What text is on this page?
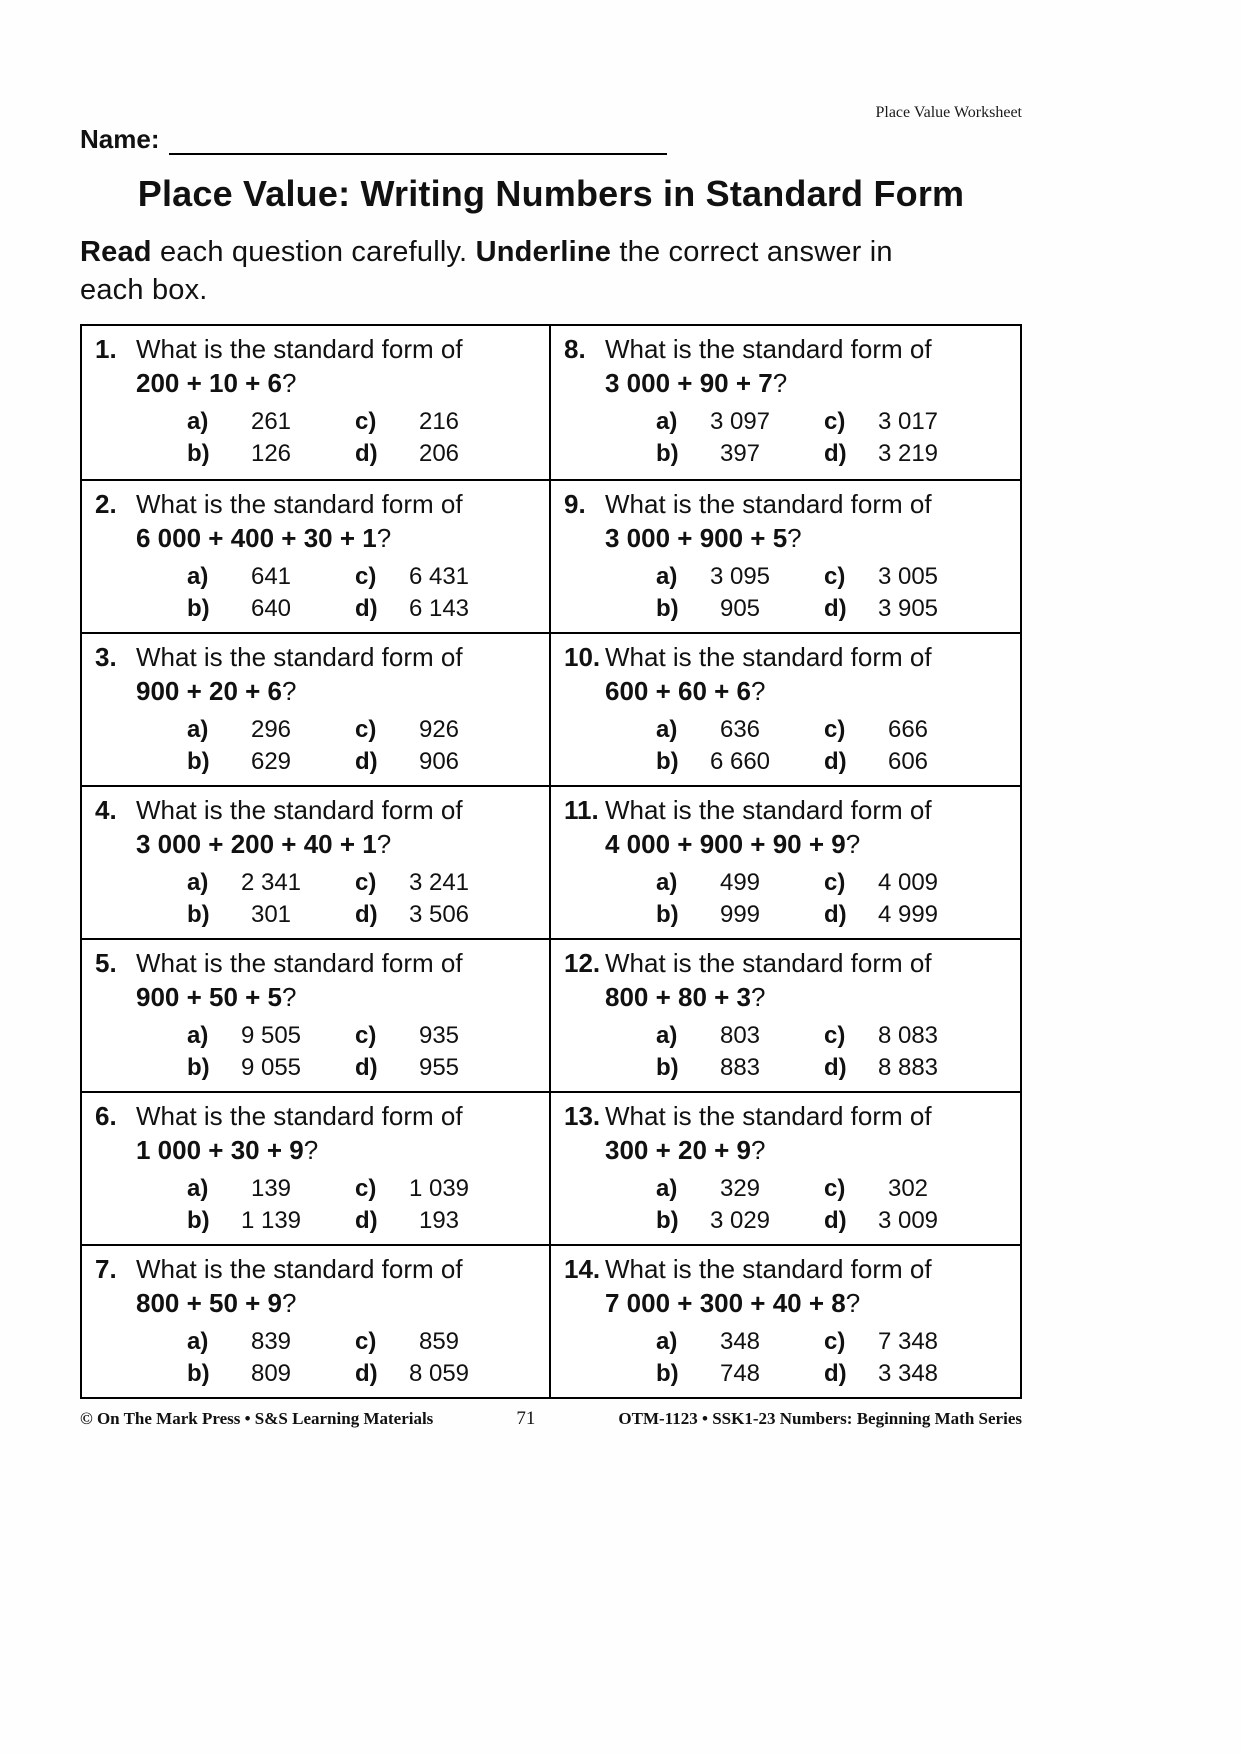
Place Value Worksheet
Name:
Place Value: Writing Numbers in Standard Form

Read each question carefully. Underline the correct answer in
each box.

1. What is the standard form of
200 + 10 + 6?
a)	261	c)	216
b)	126	d)	206
8. What is the standard form of
3 000 + 90 + 7?
a)	3 097	c)	3 017
b)	397	d)	3 219
2. What is the standard form of
6 000 + 400 + 30 + 1?
a)	641	c)	6 431
b)	640	d)	6 143
9. What is the standard form of
3 000 + 900 + 5?
a)	3 095	c)	3 005
b)	905	d)	3 905
3. What is the standard form of
900 + 20 + 6?
a)	296	c)	926
b)	629	d)	906
10. What is the standard form of
600 + 60 + 6?
a)	636	c)	666
b)	6 660	d)	606
4. What is the standard form of
3 000 + 200 + 40 + 1?
a)	2 341	c)	3 241
b)	301	d)	3 506
11. What is the standard form of
4 000 + 900 + 90 + 9?
a)	499	c)	4 009
b)	999	d)	4 999
5. What is the standard form of
900 + 50 + 5?
a)	9 505	c)	935
b)	9 055	d)	955
12. What is the standard form of
800 + 80 + 3?
a)	803	c)	8 083
b)	883	d)	8 883
6. What is the standard form of
1 000 + 30 + 9?
a)	139	c)	1 039
b)	1 139	d)	193
13. What is the standard form of
300 + 20 + 9?
a)	329	c)	302
b)	3 029	d)	3 009
7. What is the standard form of
800 + 50 + 9?
a)	839	c)	859
b)	809	d)	8 059
14. What is the standard form of
7 000 + 300 + 40 + 8?
a)	348	c)	7 348
b)	748	d)	3 348
© On The Mark Press • S&S Learning Materials	71	OTM-1123 • SSK1-23 Numbers: Beginning Math Series
